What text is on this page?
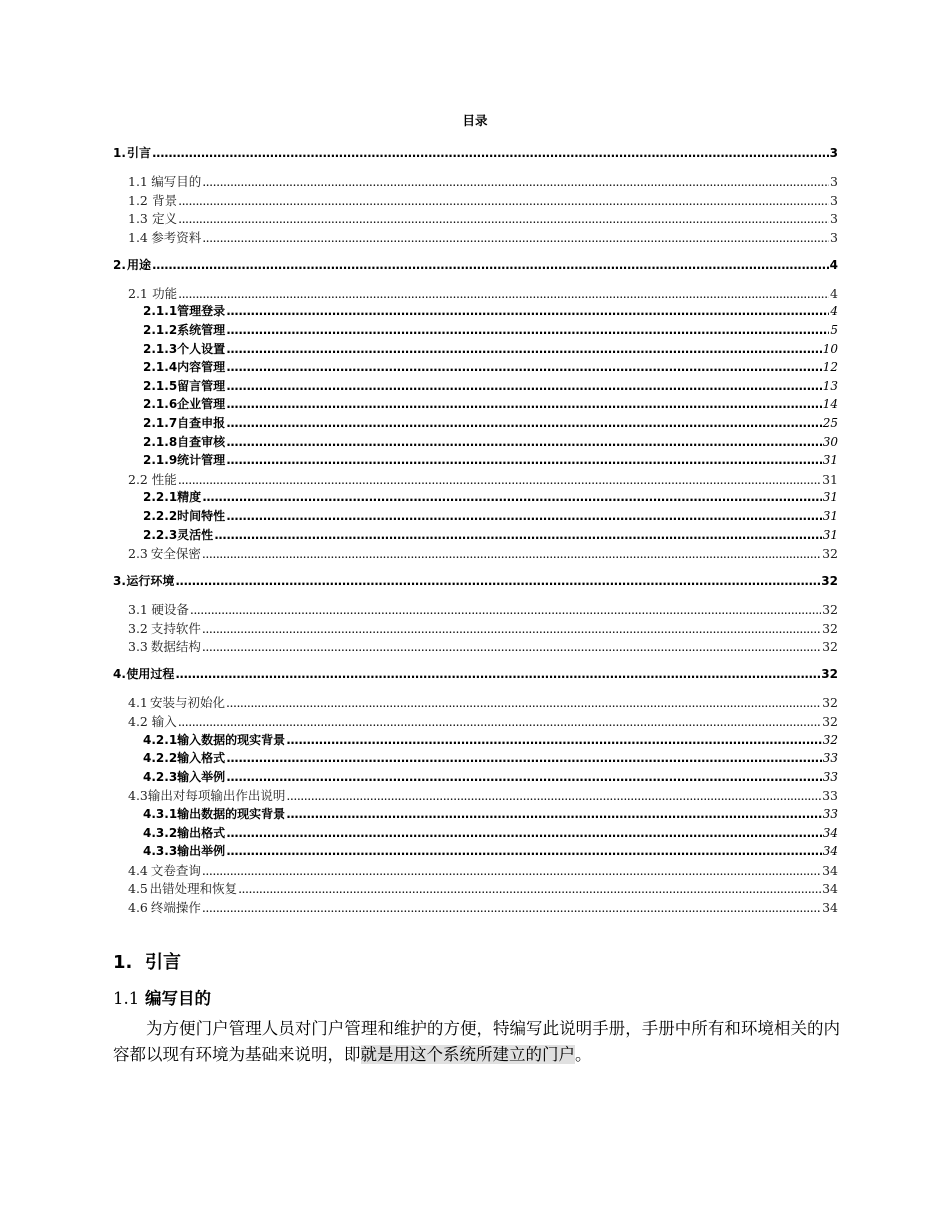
目录
1. 引言 .....	3
1.1 编写目的 .....	3
1.2 背景 .....	3
1.3 定义 .....	3
1.4 参考资料 .....	3
2. 用途 .....	4
2.1 功能 .....	4
2.1.1 管理登录 .....	4
2.1.2 系统管理 .....	5
2.1.3 个人设置 .....	10
2.1.4 内容管理 .....	12
2.1.5 留言管理 .....	13
2.1.6 企业管理 .....	14
2.1.7 自查申报 .....	25
2.1.8 自查审核 .....	30
2.1.9 统计管理 .....	31
2.2 性能 .....	31
2.2.1 精度 .....	31
2.2.2 时间特性 .....	31
2.2.3 灵活性 .....	31
2.3 安全保密 .....	32
3. 运行环境 .....	32
3.1 硬设备 .....	32
3.2 支持软件 .....	32
3.3 数据结构 .....	32
4. 使用过程 .....	32
4.1 安装与初始化 .....	32
4.2 输入 .....	32
4.2.1 输入数据的现实背景 .....	32
4.2.2 输入格式 .....	33
4.2.3 输入举例 .....	33
4.3 输出对每项输出作出说明 .....	33
4.3.1 输出数据的现实背景 .....	33
4.3.2 输出格式 .....	34
4.3.3 输出举例 .....	34
4.4 文卷查询 .....	34
4.5 出错处理和恢复 .....	34
4.6 终端操作 .....	34
1. 引言
1.1 编写目的
为方便门户管理人员对门户管理和维护的方便，特编写此说明手册，手册中所有和环境相关的内容都以现有环境为基础来说明，即就是用这个系统所建立的门户。
